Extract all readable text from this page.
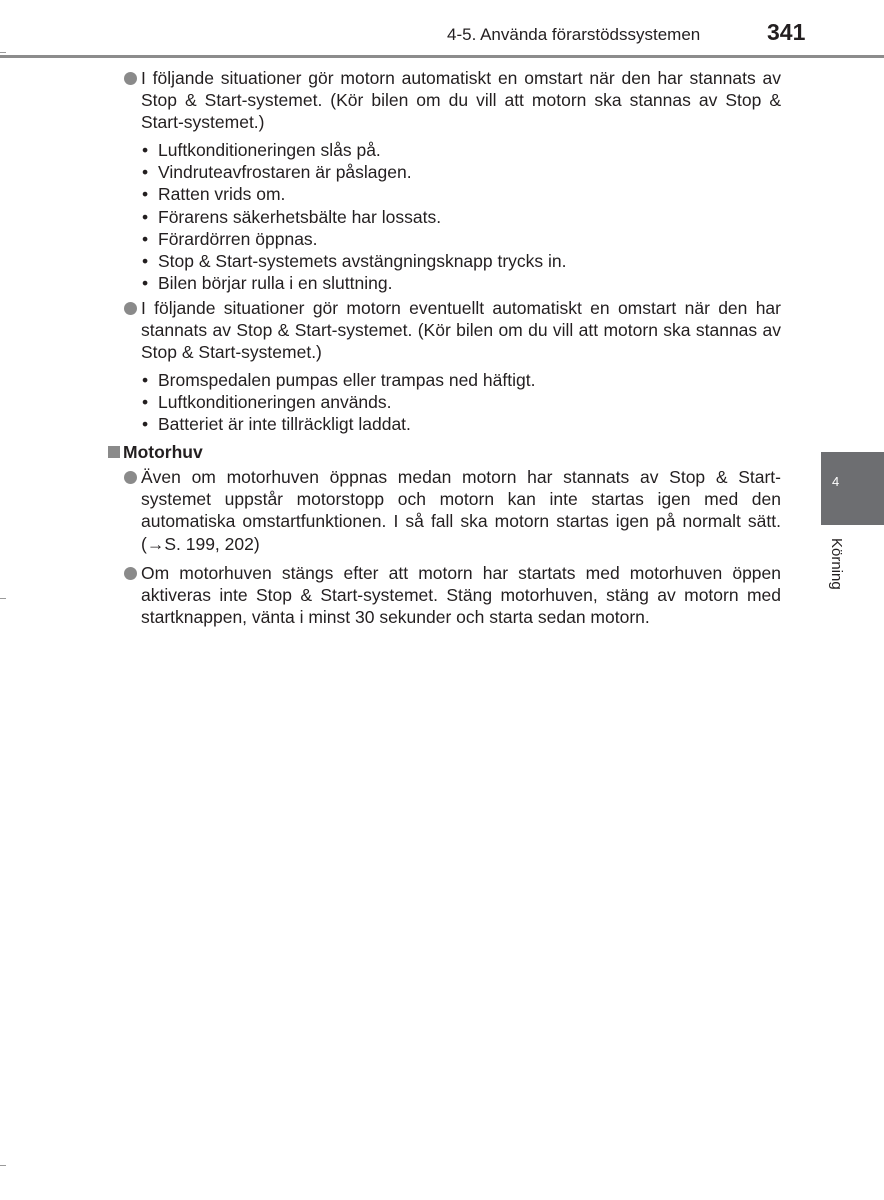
4-5. Använda förarstödssystemen	341
I följande situationer gör motorn automatiskt en omstart när den har stannats av Stop & Start-systemet. (Kör bilen om du vill att motorn ska stannas av Stop & Start-systemet.)
• Luftkonditioneringen slås på.
• Vindruteavfrostaren är påslagen.
• Ratten vrids om.
• Förarens säkerhetsbälte har lossats.
• Förardörren öppnas.
• Stop & Start-systemets avstängningsknapp trycks in.
• Bilen börjar rulla i en sluttning.
I följande situationer gör motorn eventuellt automatiskt en omstart när den har stannats av Stop & Start-systemet. (Kör bilen om du vill att motorn ska stannas av Stop & Start-systemet.)
• Bromspedalen pumpas eller trampas ned häftigt.
• Luftkonditioneringen används.
• Batteriet är inte tillräckligt laddat.
Motorhuv
Även om motorhuven öppnas medan motorn har stannats av Stop & Start-systemet uppstår motorstopp och motorn kan inte startas igen med den automatiska omstartfunktionen. I så fall ska motorn startas igen på normalt sätt. (→S. 199, 202)
Om motorhuven stängs efter att motorn har startats med motorhuven öppen aktiveras inte Stop & Start-systemet. Stäng motorhuven, stäng av motorn med startknappen, vänta i minst 30 sekunder och starta sedan motorn.
4
Körning
